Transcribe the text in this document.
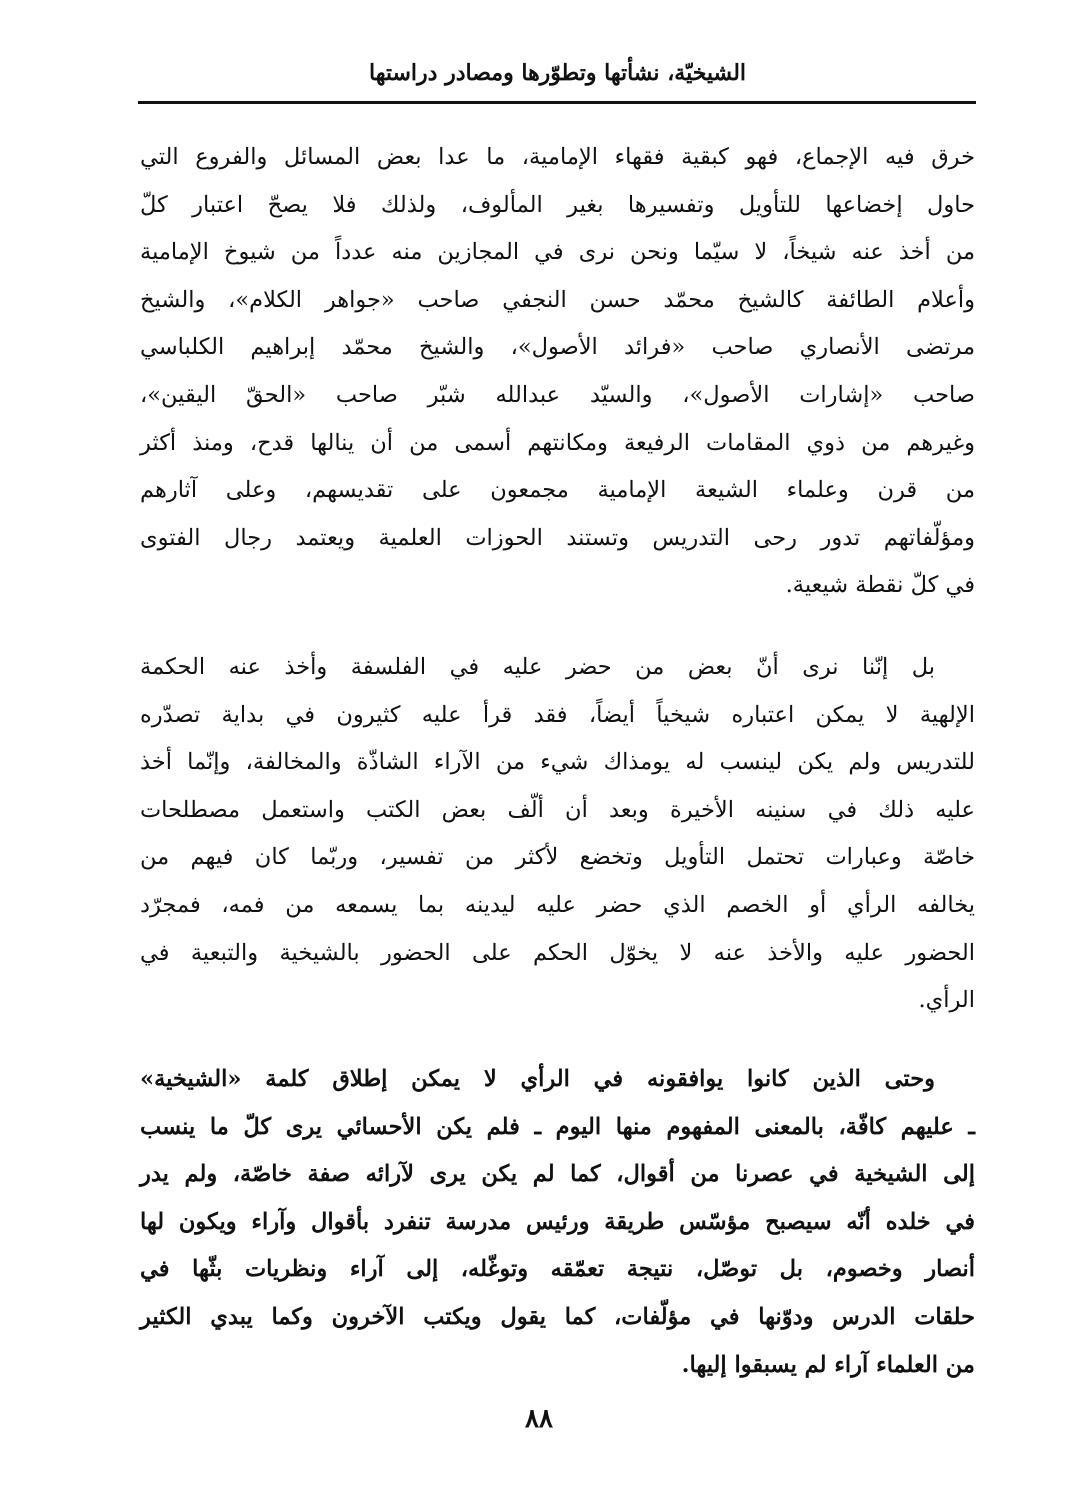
الشيخيّة، نشأتها وتطوّرها ومصادر دراستها
خرق فيه الإجماع، فهو كبقية فقهاء الإمامية، ما عدا بعض المسائل والفروع التي
حاول إخضاعها للتأويل وتفسيرها بغير المألوف، ولذلك فلا يصحّ اعتبار كلّ
من أخذ عنه شيخاً، لا سيّما ونحن نرى في المجازين منه عدداً من شيوخ الإمامية
وأعلام الطائفة كالشيخ محمّد حسن النجفي صاحب «جواهر الكلام»، والشيخ
مرتضى الأنصاري صاحب «فرائد الأصول»، والشيخ محمّد إبراهيم الكلباسي
صاحب «إشارات الأصول»، والسيّد عبدالله شبّر صاحب «الحقّ اليقين»،
وغيرهم من ذوي المقامات الرفيعة ومكانتهم أسمى من أن ينالها قدح، ومنذ أكثر
من قرن وعلماء الشيعة الإمامية مجمعون على تقديسهم، وعلى آثارهم
ومؤلّفاتهم تدور رحى التدريس وتستند الحوزات العلمية ويعتمد رجال الفتوى
في كلّ نقطة شيعية.
بل إنّنا نرى أنّ بعض من حضر عليه في الفلسفة وأخذ عنه الحكمة
الإلهية لا يمكن اعتباره شيخياً أيضاً، فقد قرأ عليه كثيرون في بداية تصدّره
للتدريس ولم يكن لينسب له يومذاك شيء من الآراء الشاذّة والمخالفة، وإنّما أخذ
عليه ذلك في سنينه الأخيرة وبعد أن ألّف بعض الكتب واستعمل مصطلحات
خاصّة وعبارات تحتمل التأويل وتخضع لأكثر من تفسير، وربّما كان فيهم من
يخالفه الرأي أو الخصم الذي حضر عليه ليدينه بما يسمعه من فمه، فمجرّد
الحضور عليه والأخذ عنه لا يخوّل الحكم على الحضور بالشيخية والتبعية في
الرأي.
وحتى الذين كانوا يوافقونه في الرأي لا يمكن إطلاق كلمة «الشيخية»
ـ عليهم كافّة، بالمعنى المفهوم منها اليوم ـ فلم يكن الأحسائي يرى كلّ ما ينسب
إلى الشيخية في عصرنا من أقوال، كما لم يكن يرى لآرائه صفة خاصّة، ولم يدر
في خلده أنّه سيصبح مؤسّس طريقة ورئيس مدرسة تنفرد بأقوال وآراء ويكون لها
أنصار وخصوم، بل توصّل، نتيجة تعمّقه وتوغّله، إلى آراء ونظريات بثّها في
حلقات الدرس ودوّنها في مؤلّفات، كما يقول ويكتب الآخرون وكما يبدي الكثير
من العلماء آراء لم يسبقوا إليها.
٨٨
